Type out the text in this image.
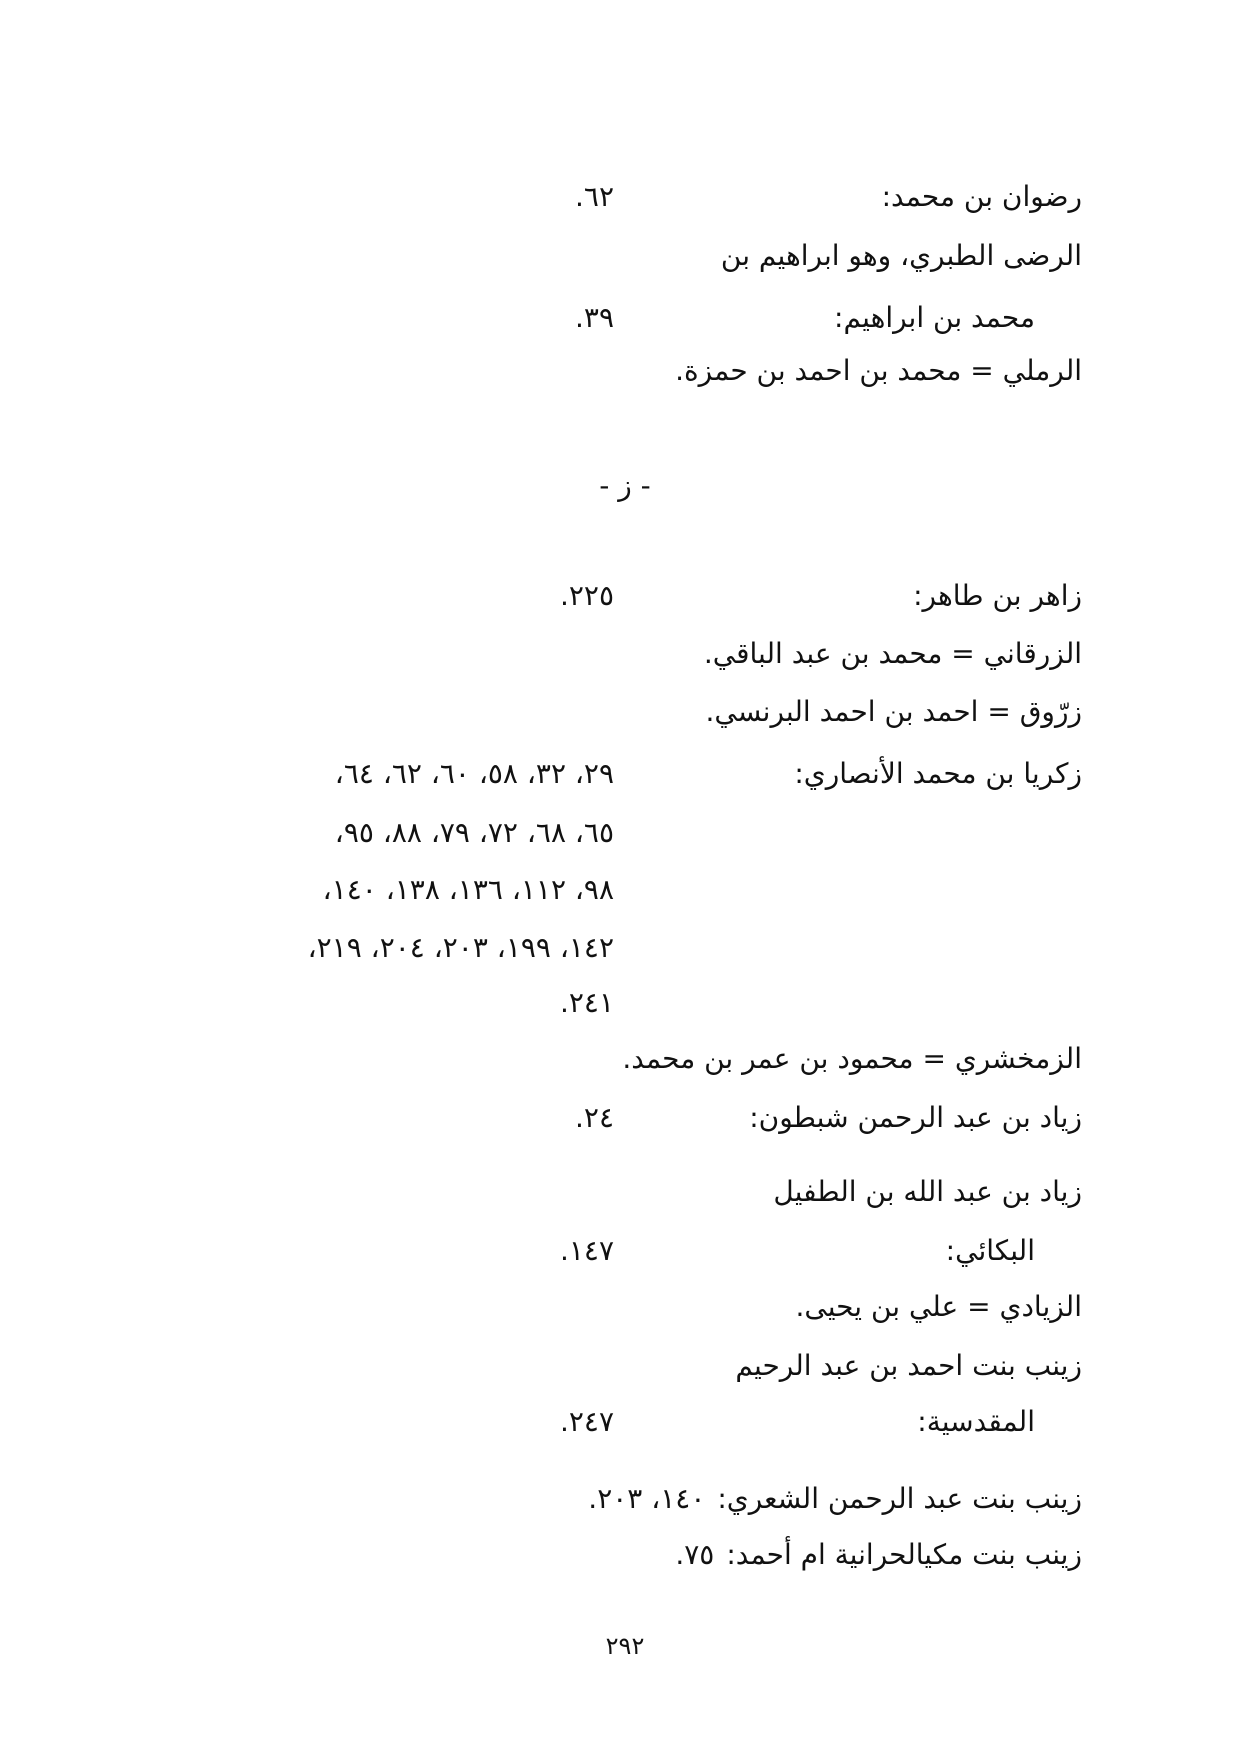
رضوان بن محمد:
٦٢.
الرضى الطبري، وهو ابراهيم بن
محمد بن ابراهيم:
٣٩.
الرملي = محمد بن احمد بن حمزة.
- ز -
زاهر بن طاهر:
٢٢٥.
الزرقاني = محمد بن عبد الباقي.
زرّوق = احمد بن احمد البرنسي.
زكريا بن محمد الأنصاري:
٢٩، ٣٢، ٥٨، ٦٠، ٦٢، ٦٤،
٦٥، ٦٨، ٧٢، ٧٩، ٨٨، ٩٥،
٩٨، ١١٢، ١٣٦، ١٣٨، ١٤٠،
١٤٢، ١٩٩، ٢٠٣، ٢٠٤، ٢١٩،
٢٤١.
الزمخشري = محمود بن عمر بن محمد.
زياد بن عبد الرحمن شبطون:
٢٤.
زياد بن عبد الله بن الطفيل
البكائي:
١٤٧.
الزيادي = علي بن يحيى.
زينب بنت احمد بن عبد الرحيم
المقدسية:
٢٤٧.
زينب بنت عبد الرحمن الشعري:١٤٠، ٢٠٣.
زينب بنت مكيالحرانية ام أحمد:٧٥.
٢٩٢
